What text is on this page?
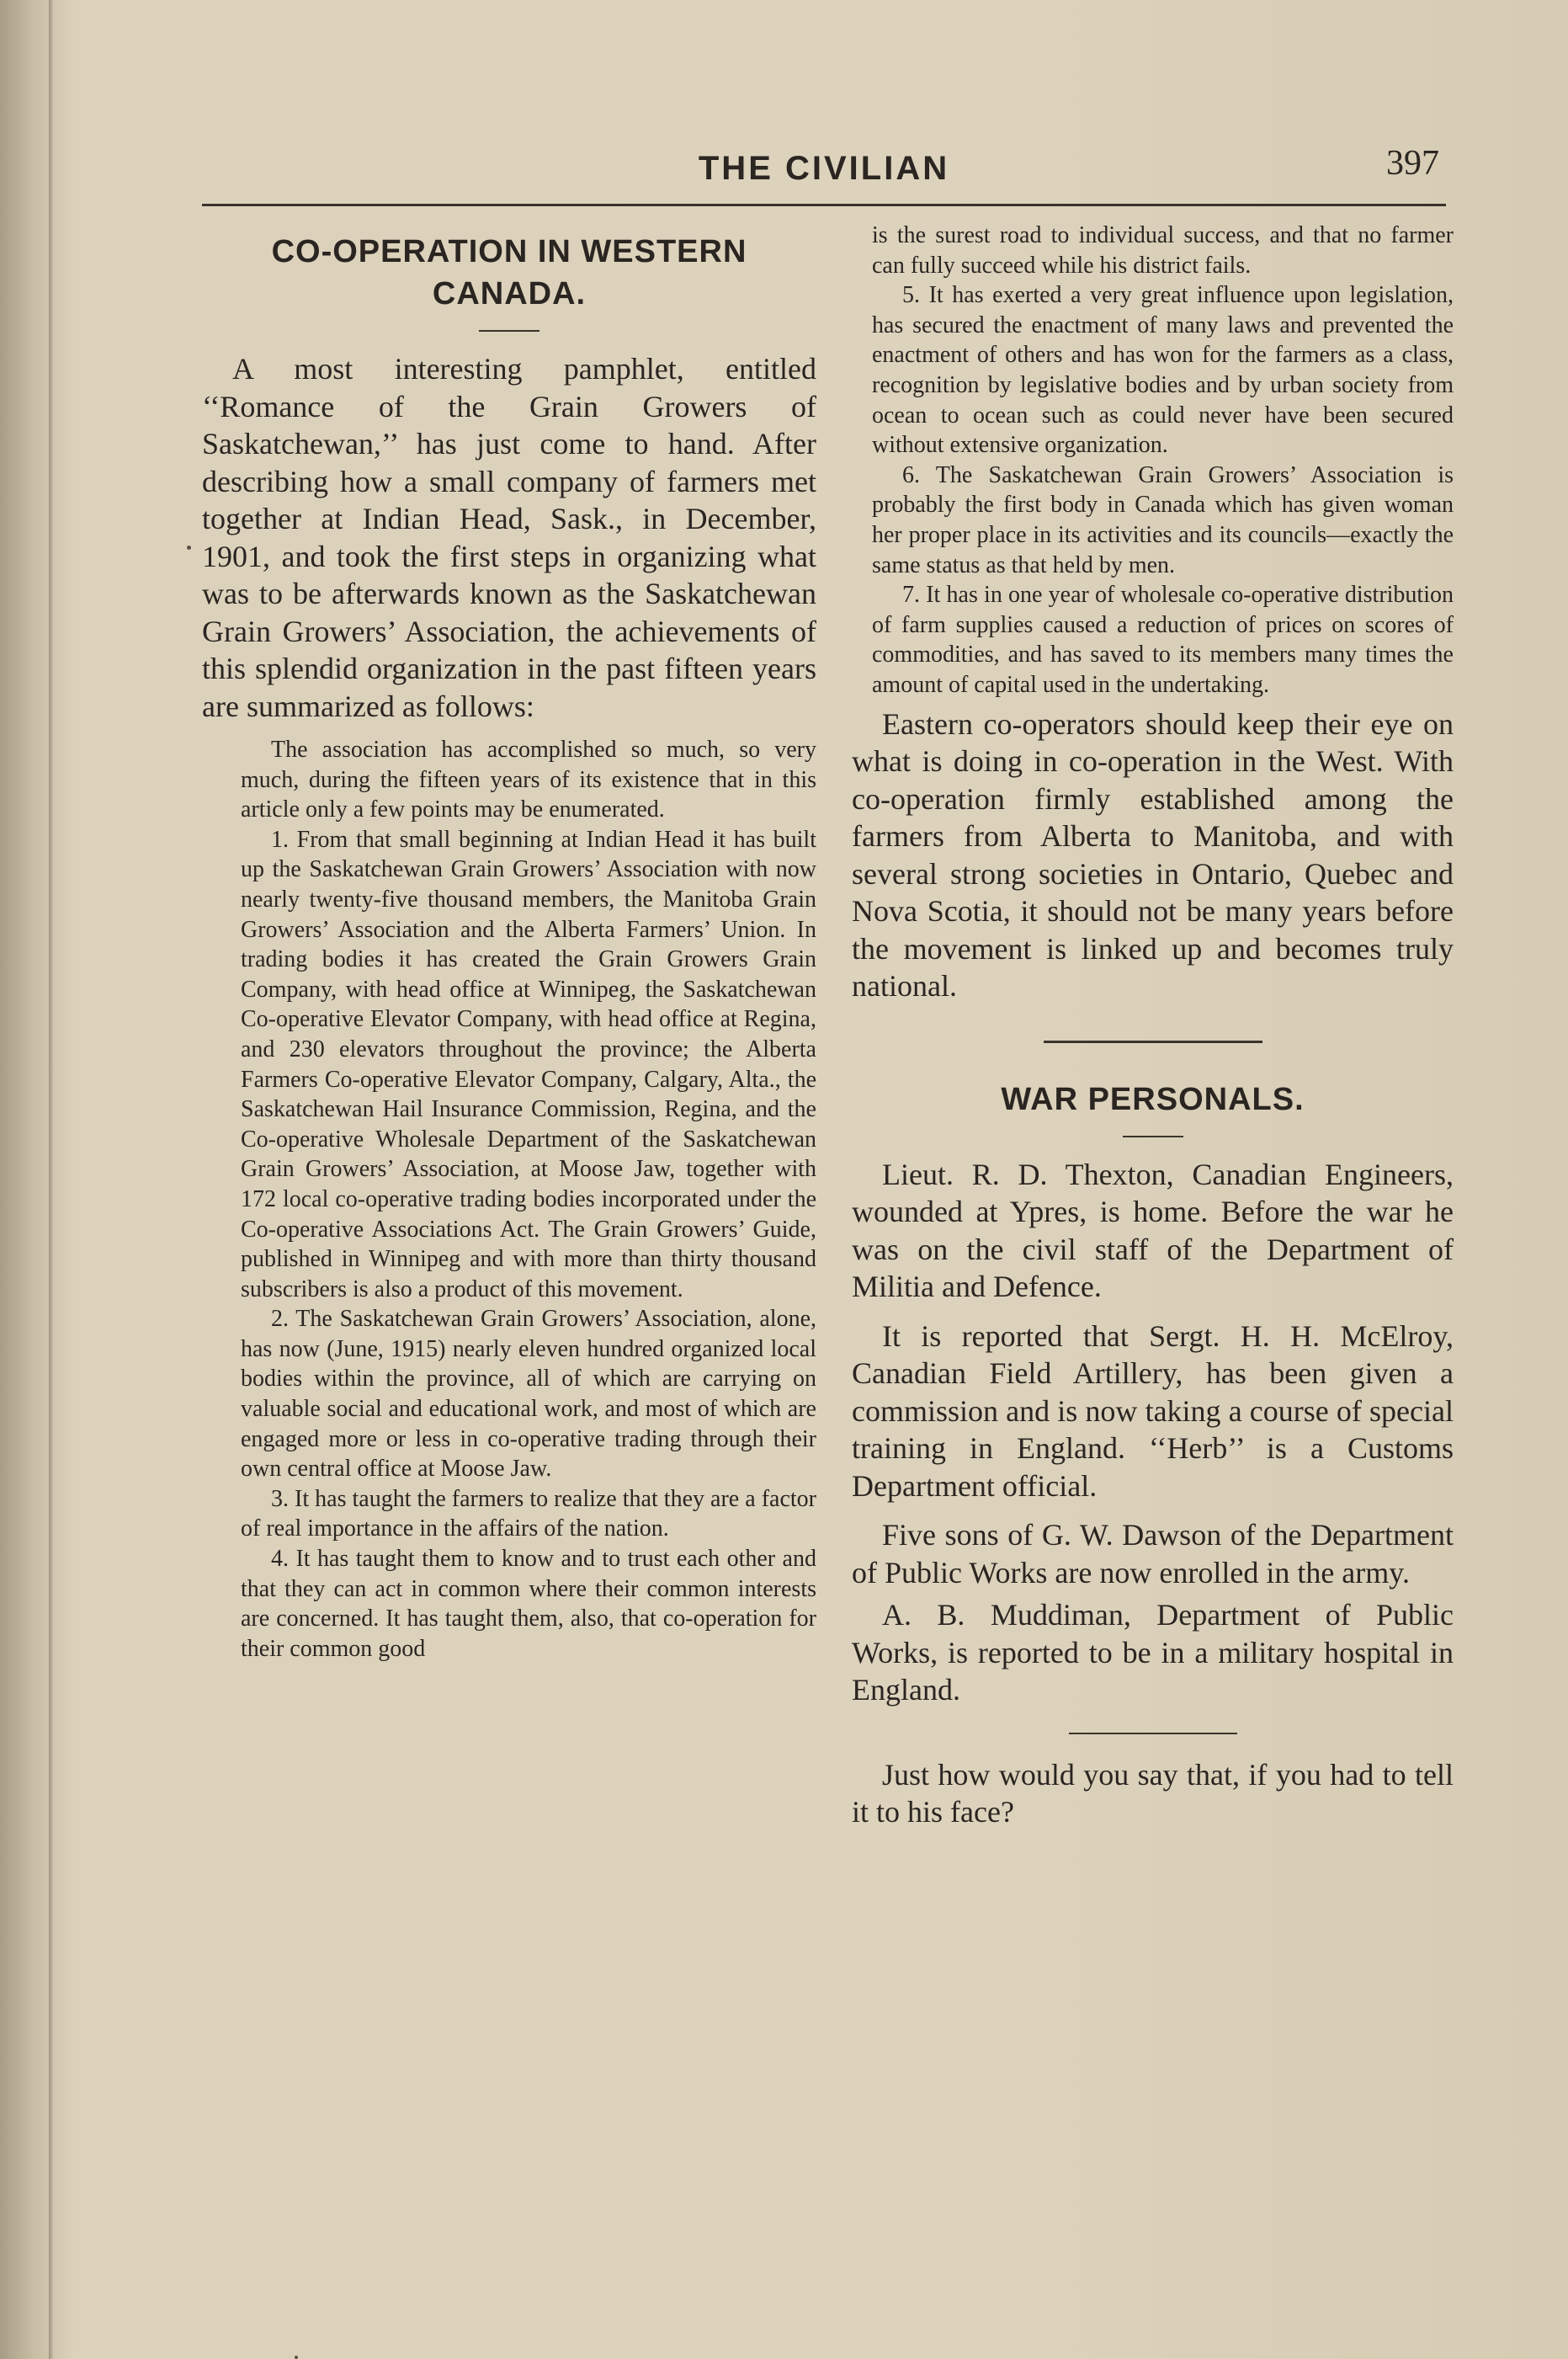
THE CIVILIAN	397
CO-OPERATION IN WESTERN CANADA.

A most interesting pamphlet, entitled ‘‘Romance of the Grain Growers of Saskatchewan,’’ has just come to hand. After describing how a small company of farmers met together at Indian Head, Sask., in December, 1901, and took the first steps in organizing what was to be afterwards known as the Saskatchewan Grain Growers’ Association, the achievements of this splendid organization in the past fifteen years are summarized as follows:

The association has accomplished so much, so very much, during the fifteen years of its existence that in this article only a few points may be enumerated.

1. From that small beginning at Indian Head it has built up the Saskatchewan Grain Growers’ Association with now nearly twenty-five thousand members, the Manitoba Grain Growers’ Association and the Alberta Farmers’ Union. In trading bodies it has created the Grain Growers Grain Company, with head office at Winnipeg, the Saskatchewan Co-operative Elevator Company, with head office at Regina, and 230 elevators throughout the province; the Alberta Farmers Co-operative Elevator Company, Calgary, Alta., the Saskatchewan Hail Insurance Commission, Regina, and the Co-operative Wholesale Department of the Saskatchewan Grain Growers’ Association, at Moose Jaw, together with 172 local co-operative trading bodies incorporated under the Co-operative Associations Act. The Grain Growers’ Guide, published in Winnipeg and with more than thirty thousand subscribers is also a product of this movement.

2. The Saskatchewan Grain Growers’ Association, alone, has now (June, 1915) nearly eleven hundred organized local bodies within the province, all of which are carrying on valuable social and educational work, and most of which are engaged more or less in co-operative trading through their own central office at Moose Jaw.

3. It has taught the farmers to realize that they are a factor of real importance in the affairs of the nation.

4. It has taught them to know and to trust each other and that they can act in common where their common interests are concerned. It has taught them, also, that co-operation for their common good

is the surest road to individual success, and that no farmer can fully succeed while his district fails.

5. It has exerted a very great influence upon legislation, has secured the enactment of many laws and prevented the enactment of others and has won for the farmers as a class, recognition by legislative bodies and by urban society from ocean to ocean such as could never have been secured without extensive organization.

6. The Saskatchewan Grain Growers’ Association is probably the first body in Canada which has given woman her proper place in its activities and its councils—exactly the same status as that held by men.

7. It has in one year of wholesale co-operative distribution of farm supplies caused a reduction of prices on scores of commodities, and has saved to its members many times the amount of capital used in the undertaking.

Eastern co-operators should keep their eye on what is doing in co-operation in the West. With co-operation firmly established among the farmers from Alberta to Manitoba, and with several strong societies in Ontario, Quebec and Nova Scotia, it should not be many years before the movement is linked up and becomes truly national.

WAR PERSONALS.

Lieut. R. D. Thexton, Canadian Engineers, wounded at Ypres, is home. Before the war he was on the civil staff of the Department of Militia and Defence.

It is reported that Sergt. H. H. McElroy, Canadian Field Artillery, has been given a commission and is now taking a course of special training in England. ‘‘Herb’’ is a Customs Department official.

Five sons of G. W. Dawson of the Department of Public Works are now enrolled in the army.

A. B. Muddiman, Department of Public Works, is reported to be in a military hospital in England.

Just how would you say that, if you had to tell it to his face?
